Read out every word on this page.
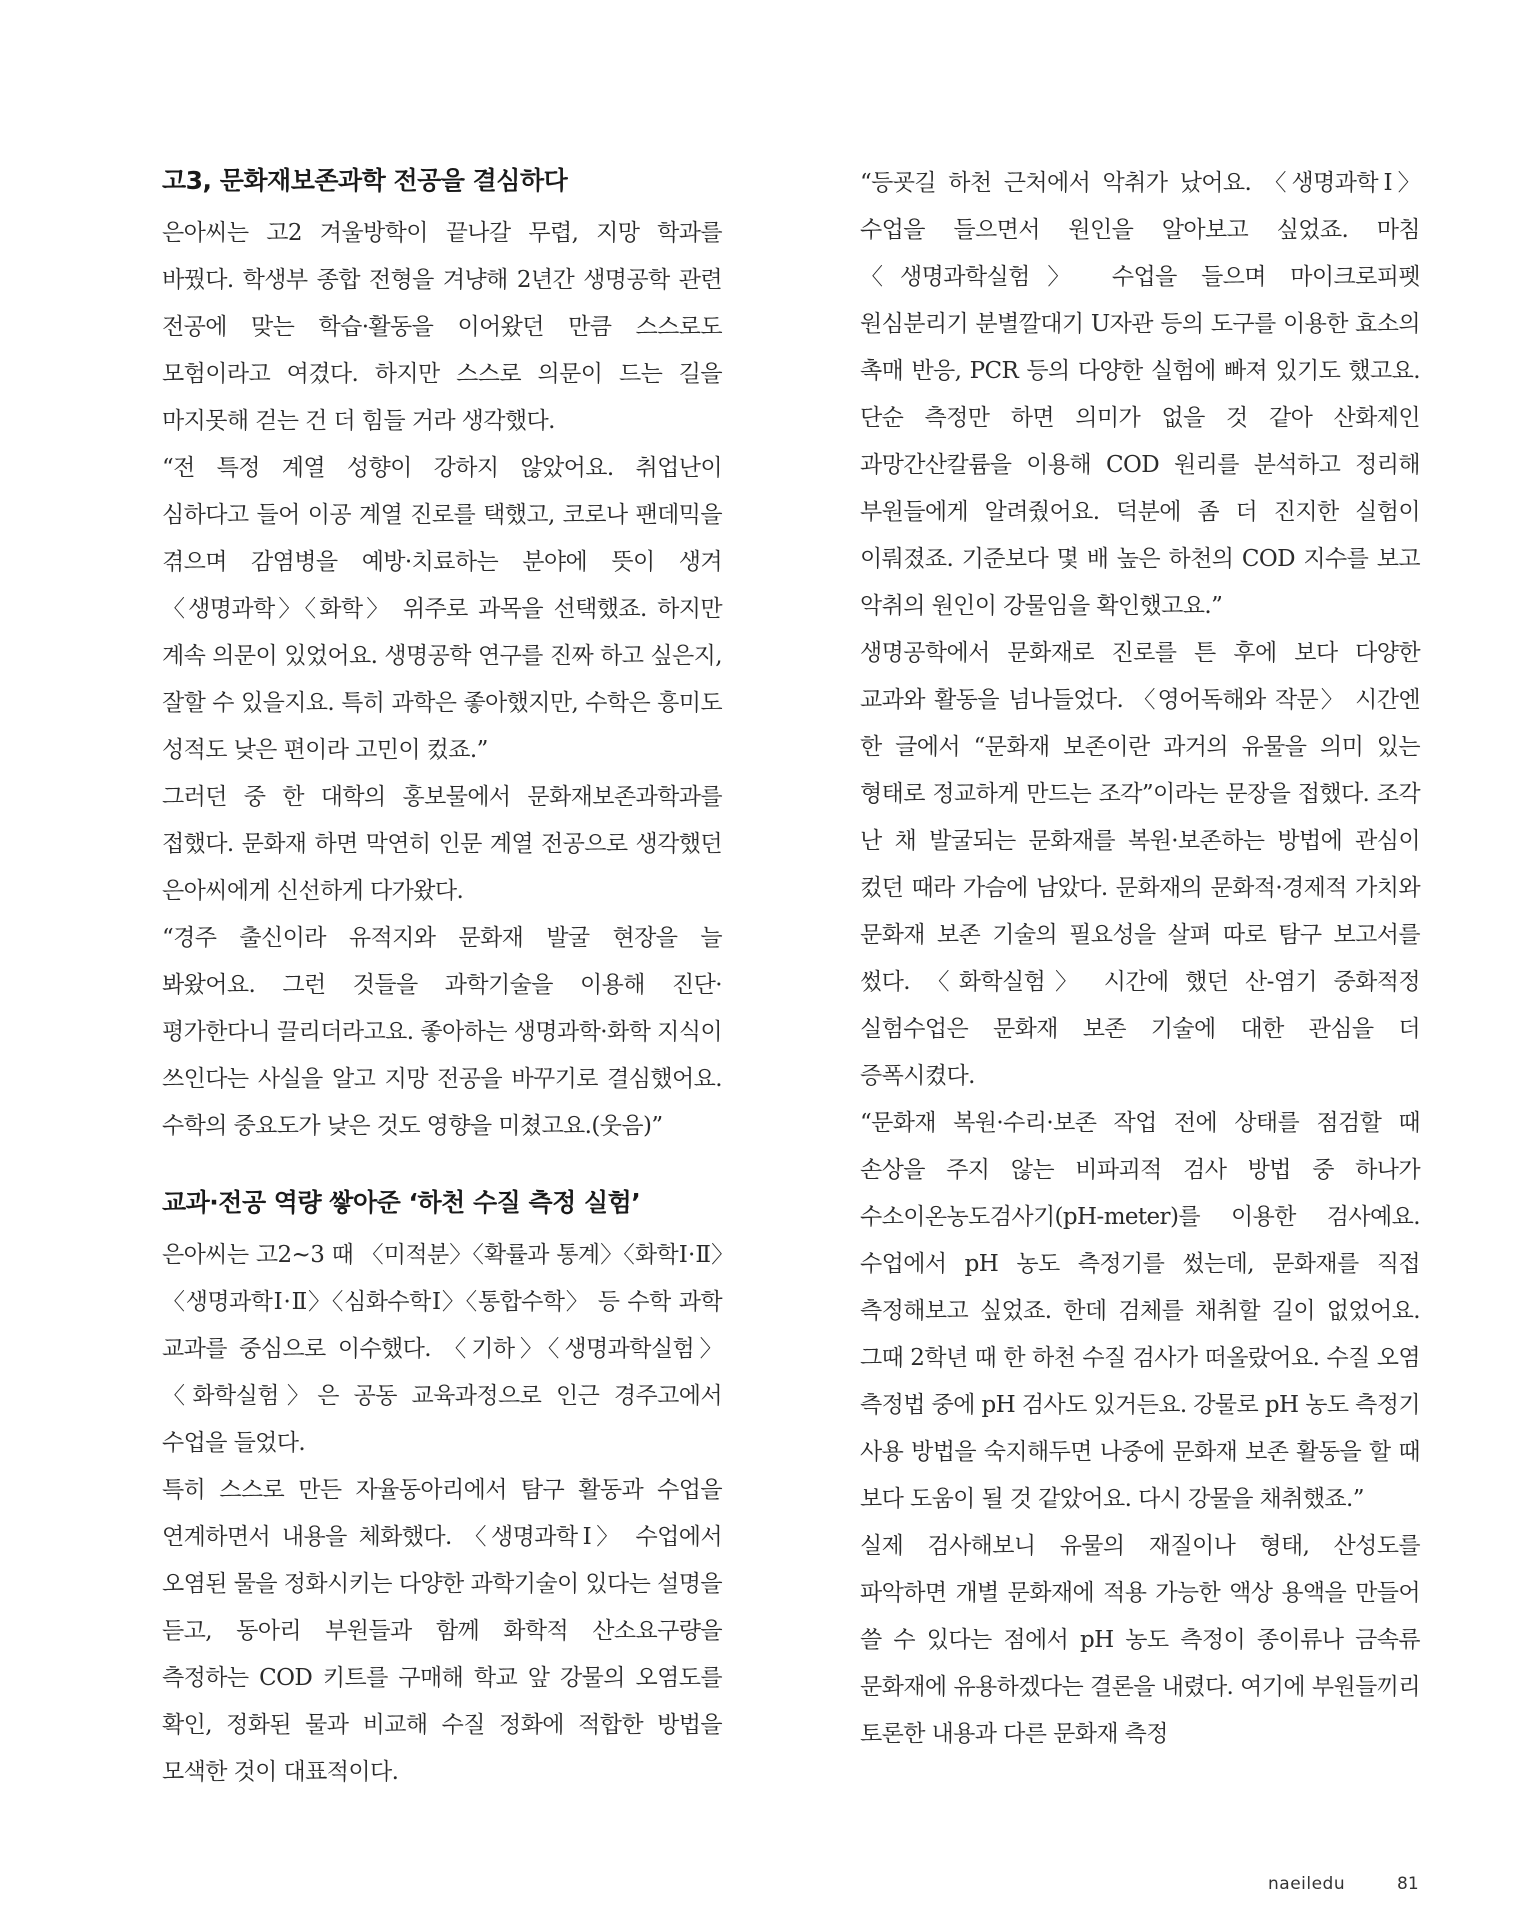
고3, 문화재보존과학 전공을 결심하다

은아씨는 고2 겨울방학이 끝나갈 무렵, 지망 학과를 바꿨다. 학생부 종합 전형을 겨냥해 2년간 생명공학 관련 전공에 맞는 학습·활동을 이어왔던 만큼 스스로도 모험이라고 여겼다. 하지만 스스로 의문이 드는 길을 마지못해 걷는 건 더 힘들 거라 생각했다.

“전 특정 계열 성향이 강하지 않았어요. 취업난이 심하다고 들어 이공 계열 진로를 택했고, 코로나 팬데믹을 겪으며 감염병을 예방·치료하는 분야에 뜻이 생겨 〈생명과학〉〈화학〉 위주로 과목을 선택했죠. 하지만 계속 의문이 있었어요. 생명공학 연구를 진짜 하고 싶은지, 잘할 수 있을지요. 특히 과학은 좋아했지만, 수학은 흥미도 성적도 낮은 편이라 고민이 컸죠.”

그러던 중 한 대학의 홍보물에서 문화재보존과학과를 접했다. 문화재 하면 막연히 인문 계열 전공으로 생각했던 은아씨에게 신선하게 다가왔다.

“경주 출신이라 유적지와 문화재 발굴 현장을 늘 봐왔어요. 그런 것들을 과학기술을 이용해 진단·평가한다니 끌리더라고요. 좋아하는 생명과학·화학 지식이 쓰인다는 사실을 알고 지망 전공을 바꾸기로 결심했어요. 수학의 중요도가 낮은 것도 영향을 미쳤고요.(웃음)”

교과·전공 역량 쌓아준 ‘하천 수질 측정 실험’

은아씨는 고2~3 때 〈미적분〉〈확률과 통계〉〈화학Ⅰ·Ⅱ〉〈생명과학Ⅰ·Ⅱ〉〈심화수학Ⅰ〉〈통합수학〉 등 수학 과학 교과를 중심으로 이수했다. 〈기하〉〈생명과학실험〉〈화학실험〉은 공동 교육과정으로 인근 경주고에서 수업을 들었다.

특히 스스로 만든 자율동아리에서 탐구 활동과 수업을 연계하면서 내용을 체화했다. 〈생명과학Ⅰ〉 수업에서 오염된 물을 정화시키는 다양한 과학기술이 있다는 설명을 듣고, 동아리 부원들과 함께 화학적 산소요구량을 측정하는 COD 키트를 구매해 학교 앞 강물의 오염도를 확인, 정화된 물과 비교해 수질 정화에 적합한 방법을 모색한 것이 대표적이다.

“등굣길 하천 근처에서 악취가 났어요. 〈생명과학Ⅰ〉 수업을 들으면서 원인을 알아보고 싶었죠. 마침 〈생명과학실험〉 수업을 들으며 마이크로피펫 원심분리기 분별깔대기 U자관 등의 도구를 이용한 효소의 촉매 반응, PCR 등의 다양한 실험에 빠져 있기도 했고요. 단순 측정만 하면 의미가 없을 것 같아 산화제인 과망간산칼륨을 이용해 COD 원리를 분석하고 정리해 부원들에게 알려줬어요. 덕분에 좀 더 진지한 실험이 이뤄졌죠. 기준보다 몇 배 높은 하천의 COD 지수를 보고 악취의 원인이 강물임을 확인했고요.”

생명공학에서 문화재로 진로를 튼 후에 보다 다양한 교과와 활동을 넘나들었다. 〈영어독해와 작문〉 시간엔 한 글에서 “문화재 보존이란 과거의 유물을 의미 있는 형태로 정교하게 만드는 조각”이라는 문장을 접했다. 조각 난 채 발굴되는 문화재를 복원·보존하는 방법에 관심이 컸던 때라 가슴에 남았다. 문화재의 문화적·경제적 가치와 문화재 보존 기술의 필요성을 살펴 따로 탐구 보고서를 썼다. 〈화학실험〉 시간에 했던 산-염기 중화적정 실험수업은 문화재 보존 기술에 대한 관심을 더 증폭시켰다.

“문화재 복원·수리·보존 작업 전에 상태를 점검할 때 손상을 주지 않는 비파괴적 검사 방법 중 하나가 수소이온농도검사기(pH-meter)를 이용한 검사예요. 수업에서 pH 농도 측정기를 썼는데, 문화재를 직접 측정해보고 싶었죠. 한데 검체를 채취할 길이 없었어요. 그때 2학년 때 한 하천 수질 검사가 떠올랐어요. 수질 오염 측정법 중에 pH 검사도 있거든요. 강물로 pH 농도 측정기 사용 방법을 숙지해두면 나중에 문화재 보존 활동을 할 때 보다 도움이 될 것 같았어요. 다시 강물을 채취했죠.”

실제 검사해보니 유물의 재질이나 형태, 산성도를 파악하면 개별 문화재에 적용 가능한 액상 용액을 만들어 쓸 수 있다는 점에서 pH 농도 측정이 종이류나 금속류 문화재에 유용하겠다는 결론을 내렸다. 여기에 부원들끼리 토론한 내용과 다른 문화재 측정

naeiledu	81
